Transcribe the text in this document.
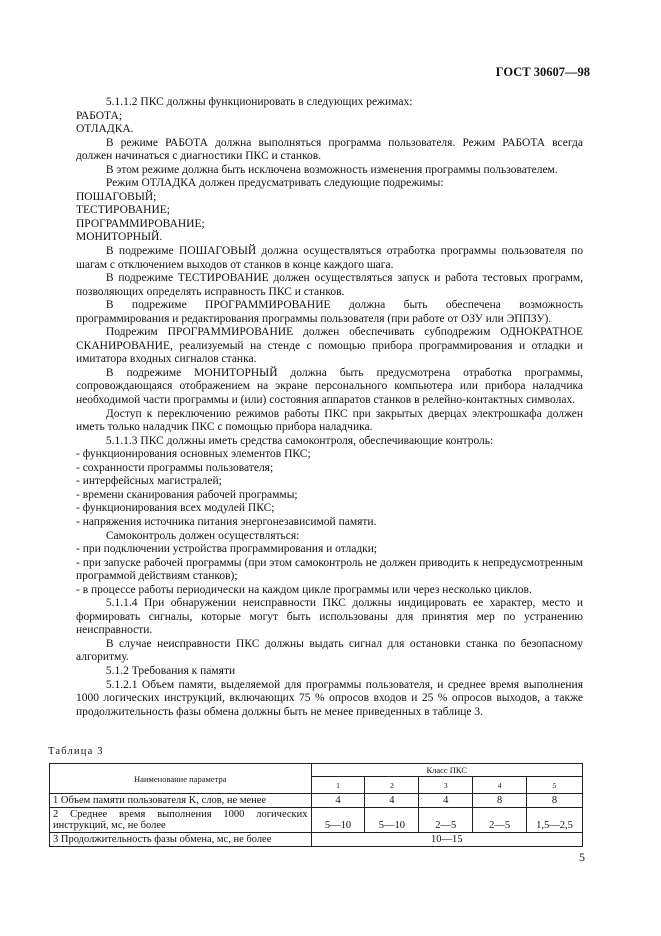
ГОСТ 30607—98

5.1.1.2 ПКС должны функционировать в следующих режимах:

РАБОТА;

ОТЛАДКА.

В режиме РАБОТА должна выполняться программа пользователя. Режим РАБОТА всегда должен начинаться с диагностики ПКС и станков.

В этом режиме должна быть исключена возможность изменения программы пользователем.

Режим ОТЛАДКА должен предусматривать следующие подрежимы:

ПОШАГОВЫЙ;

ТЕСТИРОВАНИЕ;

ПРОГРАММИРОВАНИЕ;

МОНИТОРНЫЙ.

В подрежиме ПОШАГОВЫЙ должна осуществляться отработка программы пользователя по шагам с отключением выходов от станков в конце каждого шага.

В подрежиме ТЕСТИРОВАНИЕ должен осуществляться запуск и работа тестовых программ, позволяющих определять исправность ПКС и станков.

В подрежиме ПРОГРАММИРОВАНИЕ должна быть обеспечена возможность программирования и редактирования программы пользователя (при работе от ОЗУ или ЭППЗУ).

Подрежим ПРОГРАММИРОВАНИЕ должен обеспечивать субподрежим ОДНОКРАТНОЕ СКАНИРОВАНИЕ, реализуемый на стенде с помощью прибора программирования и отладки и имитатора входных сигналов станка.

В подрежиме МОНИТОРНЫЙ должна быть предусмотрена отработка программы, сопровождающаяся отображением на экране персонального компьютера или прибора наладчика необходимой части программы и (или) состояния аппаратов станков в релейно-контактных символах.

Доступ к переключению режимов работы ПКС при закрытых дверцах электрошкафа должен иметь только наладчик ПКС с помощью прибора наладчика.

5.1.1.3 ПКС должны иметь средства самоконтроля, обеспечивающие контроль:

- функционирования основных элементов ПКС;

- сохранности программы пользователя;

- интерфейсных магистралей;

- времени сканирования рабочей программы;

- функционирования всех модулей ПКС;

- напряжения источника питания энергонезависимой памяти.

Самоконтроль должен осуществляться:

- при подключении устройства программирования и отладки;

- при запуске рабочей программы (при этом самоконтроль не должен приводить к непредусмотренным программой действиям станков);

- в процессе работы периодически на каждом цикле программы или через несколько циклов.

5.1.1.4 При обнаружении неисправности ПКС должны индицировать ее характер, место и формировать сигналы, которые могут быть использованы для принятия мер по устранению неисправности.

В случае неисправности ПКС должны выдать сигнал для остановки станка по безопасному алгоритму.

5.1.2 Требования к памяти

5.1.2.1 Объем памяти, выделяемой для программы пользователя, и среднее время выполнения 1000 логических инструкций, включающих 75 % опросов входов и 25 % опросов выходов, а также продолжительность фазы обмена должны быть не менее приведенных в таблице 3.

Таблица 3
Наименование параметра	Класс ПКС				
	1	2	3	4	5
1 Объем памяти пользователя K, слов, не менее	4	4	4	8	8
2 Среднее время выполнения 1000 логических инструкций, мс, не более	5—10	5—10	2—5	2—5	1,5—2,5
3 Продолжительность фазы обмена, мс, не более	10—15				
5
